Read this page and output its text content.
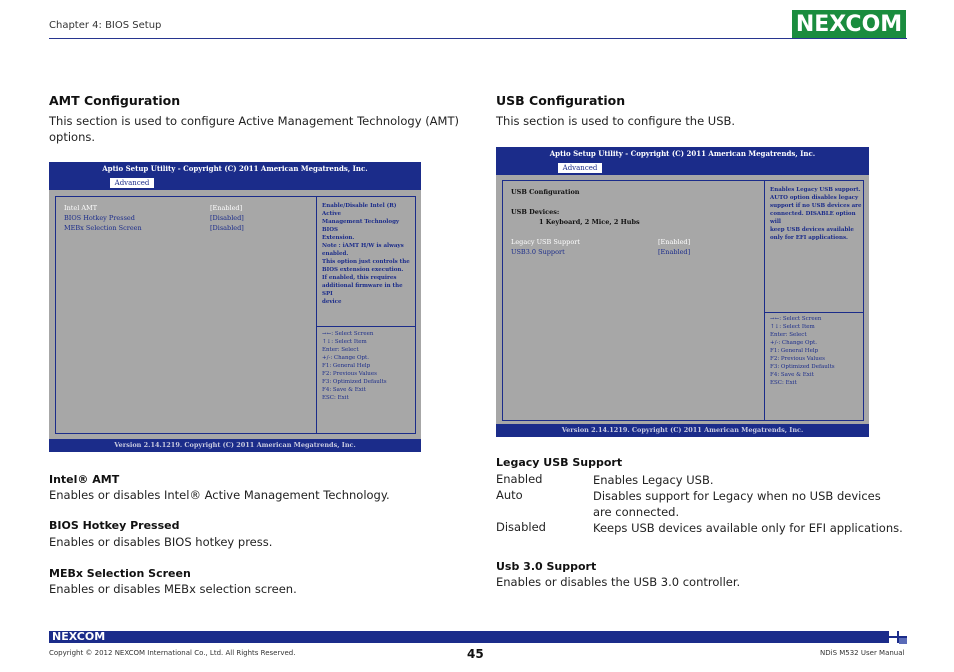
Chapter 4: BIOS Setup	NEXCOM
AMT Configuration
This section is used to configure Active Management Technology (AMT) options.
Aptio Setup Utility - Copyright (C) 2011 American Megatrends, Inc.
Advanced
Intel AMT	[Enabled]
BIOS Hotkey Pressed	[Disabled]
MEBx Selection Screen	[Disabled]
Enable/Disable Intel (R) Active
Management Technology BIOS
Extension.
Note : iAMT H/W is always
enabled.
This option just controls the
BIOS extension execution.
If enabled, this requires
additional firmware in the SPI
device
→←: Select Screen
↑↓: Select Item
Enter: Select
+/-: Change Opt.
F1: General Help
F2: Previous Values
F3: Optimized Defaults
F4: Save & Exit
ESC: Exit
Version 2.14.1219. Copyright (C) 2011 American Megatrends, Inc.
Intel® AMT
Enables or disables Intel® Active Management Technology.
BIOS Hotkey Pressed
Enables or disables BIOS hotkey press.
MEBx Selection Screen
Enables or disables MEBx selection screen.
USB Configuration
This section is used to configure the USB.
Aptio Setup Utility - Copyright (C) 2011 American Megatrends, Inc.
Advanced
USB Configuration
USB Devices:
1 Keyboard, 2 Mice, 2 Hubs
Legacy USB Support	[Enabled]
USB3.0 Support	[Enabled]
Enables Legacy USB support.
AUTO option disables legacy
support if no USB devices are
connected. DISABLE option will
keep USB devices available
only for EFI applications.
→←: Select Screen
↑↓: Select Item
Enter: Select
+/-: Change Opt.
F1: General Help
F2: Previous Values
F3: Optimized Defaults
F4: Save & Exit
ESC: Exit
Version 2.14.1219. Copyright (C) 2011 American Megatrends, Inc.
Legacy USB Support
Enabled	Enables Legacy USB.
Auto	Disables support for Legacy when no USB devices are connected.
Disabled	Keeps USB devices available only for EFI applications.
Usb 3.0 Support
Enables or disables the USB 3.0 controller.
NEXCOM
Copyright © 2012 NEXCOM International Co., Ltd. All Rights Reserved.	45	NDiS M532 User Manual
